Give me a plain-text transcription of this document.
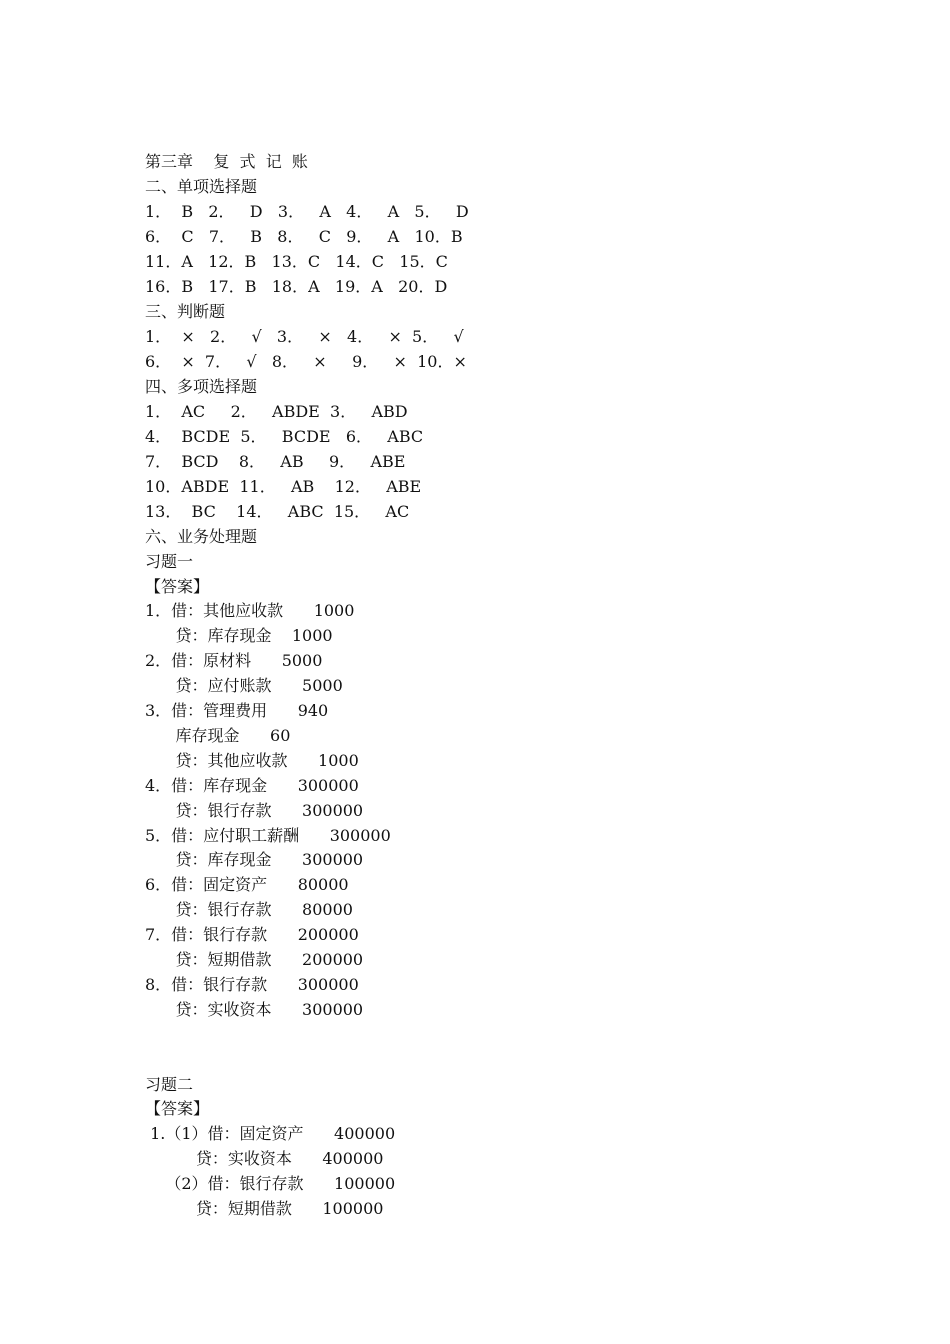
第三章    复  式  记  账
二、单项选择题
1．  B   2．   D   3．   A   4．   A   5．   D
6．  C   7．   B   8．   C   9．   A   10．B
11．A   12．B   13．C   14．C   15．C
16．B   17．B   18．A   19．A   20．D
三、判断题
1．  ×   2．   √   3．   ×   4．   ×  5．   √
6．  ×  7．   √   8．   ×     9．   ×  10．×
四、多项选择题
1．  AC     2．   ABDE  3．   ABD
4．  BCDE  5．   BCDE   6．   ABC
7．  BCD    8．   AB     9．   ABE
10．ABDE  11．   AB    12．   ABE
13．  BC    14．   ABC  15．   AC
六、业务处理题
习题一
【答案】
1．借：其他应收款      1000
贷：库存现金    1000
2．借：原材料      5000
贷：应付账款      5000
3．借：管理费用      940
库存现金      60
贷：其他应收款      1000
4．借：库存现金      300000
贷：银行存款      300000
5．借：应付职工薪酬      300000
贷：库存现金      300000
6．借：固定资产      80000
贷：银行存款      80000
7．借：银行存款      200000
贷：短期借款      200000
8．借：银行存款      300000
贷：实收资本      300000
习题二
【答案】
1.（1）借：固定资产      400000
贷：实收资本      400000
（2）借：银行存款      100000
贷：短期借款      100000
